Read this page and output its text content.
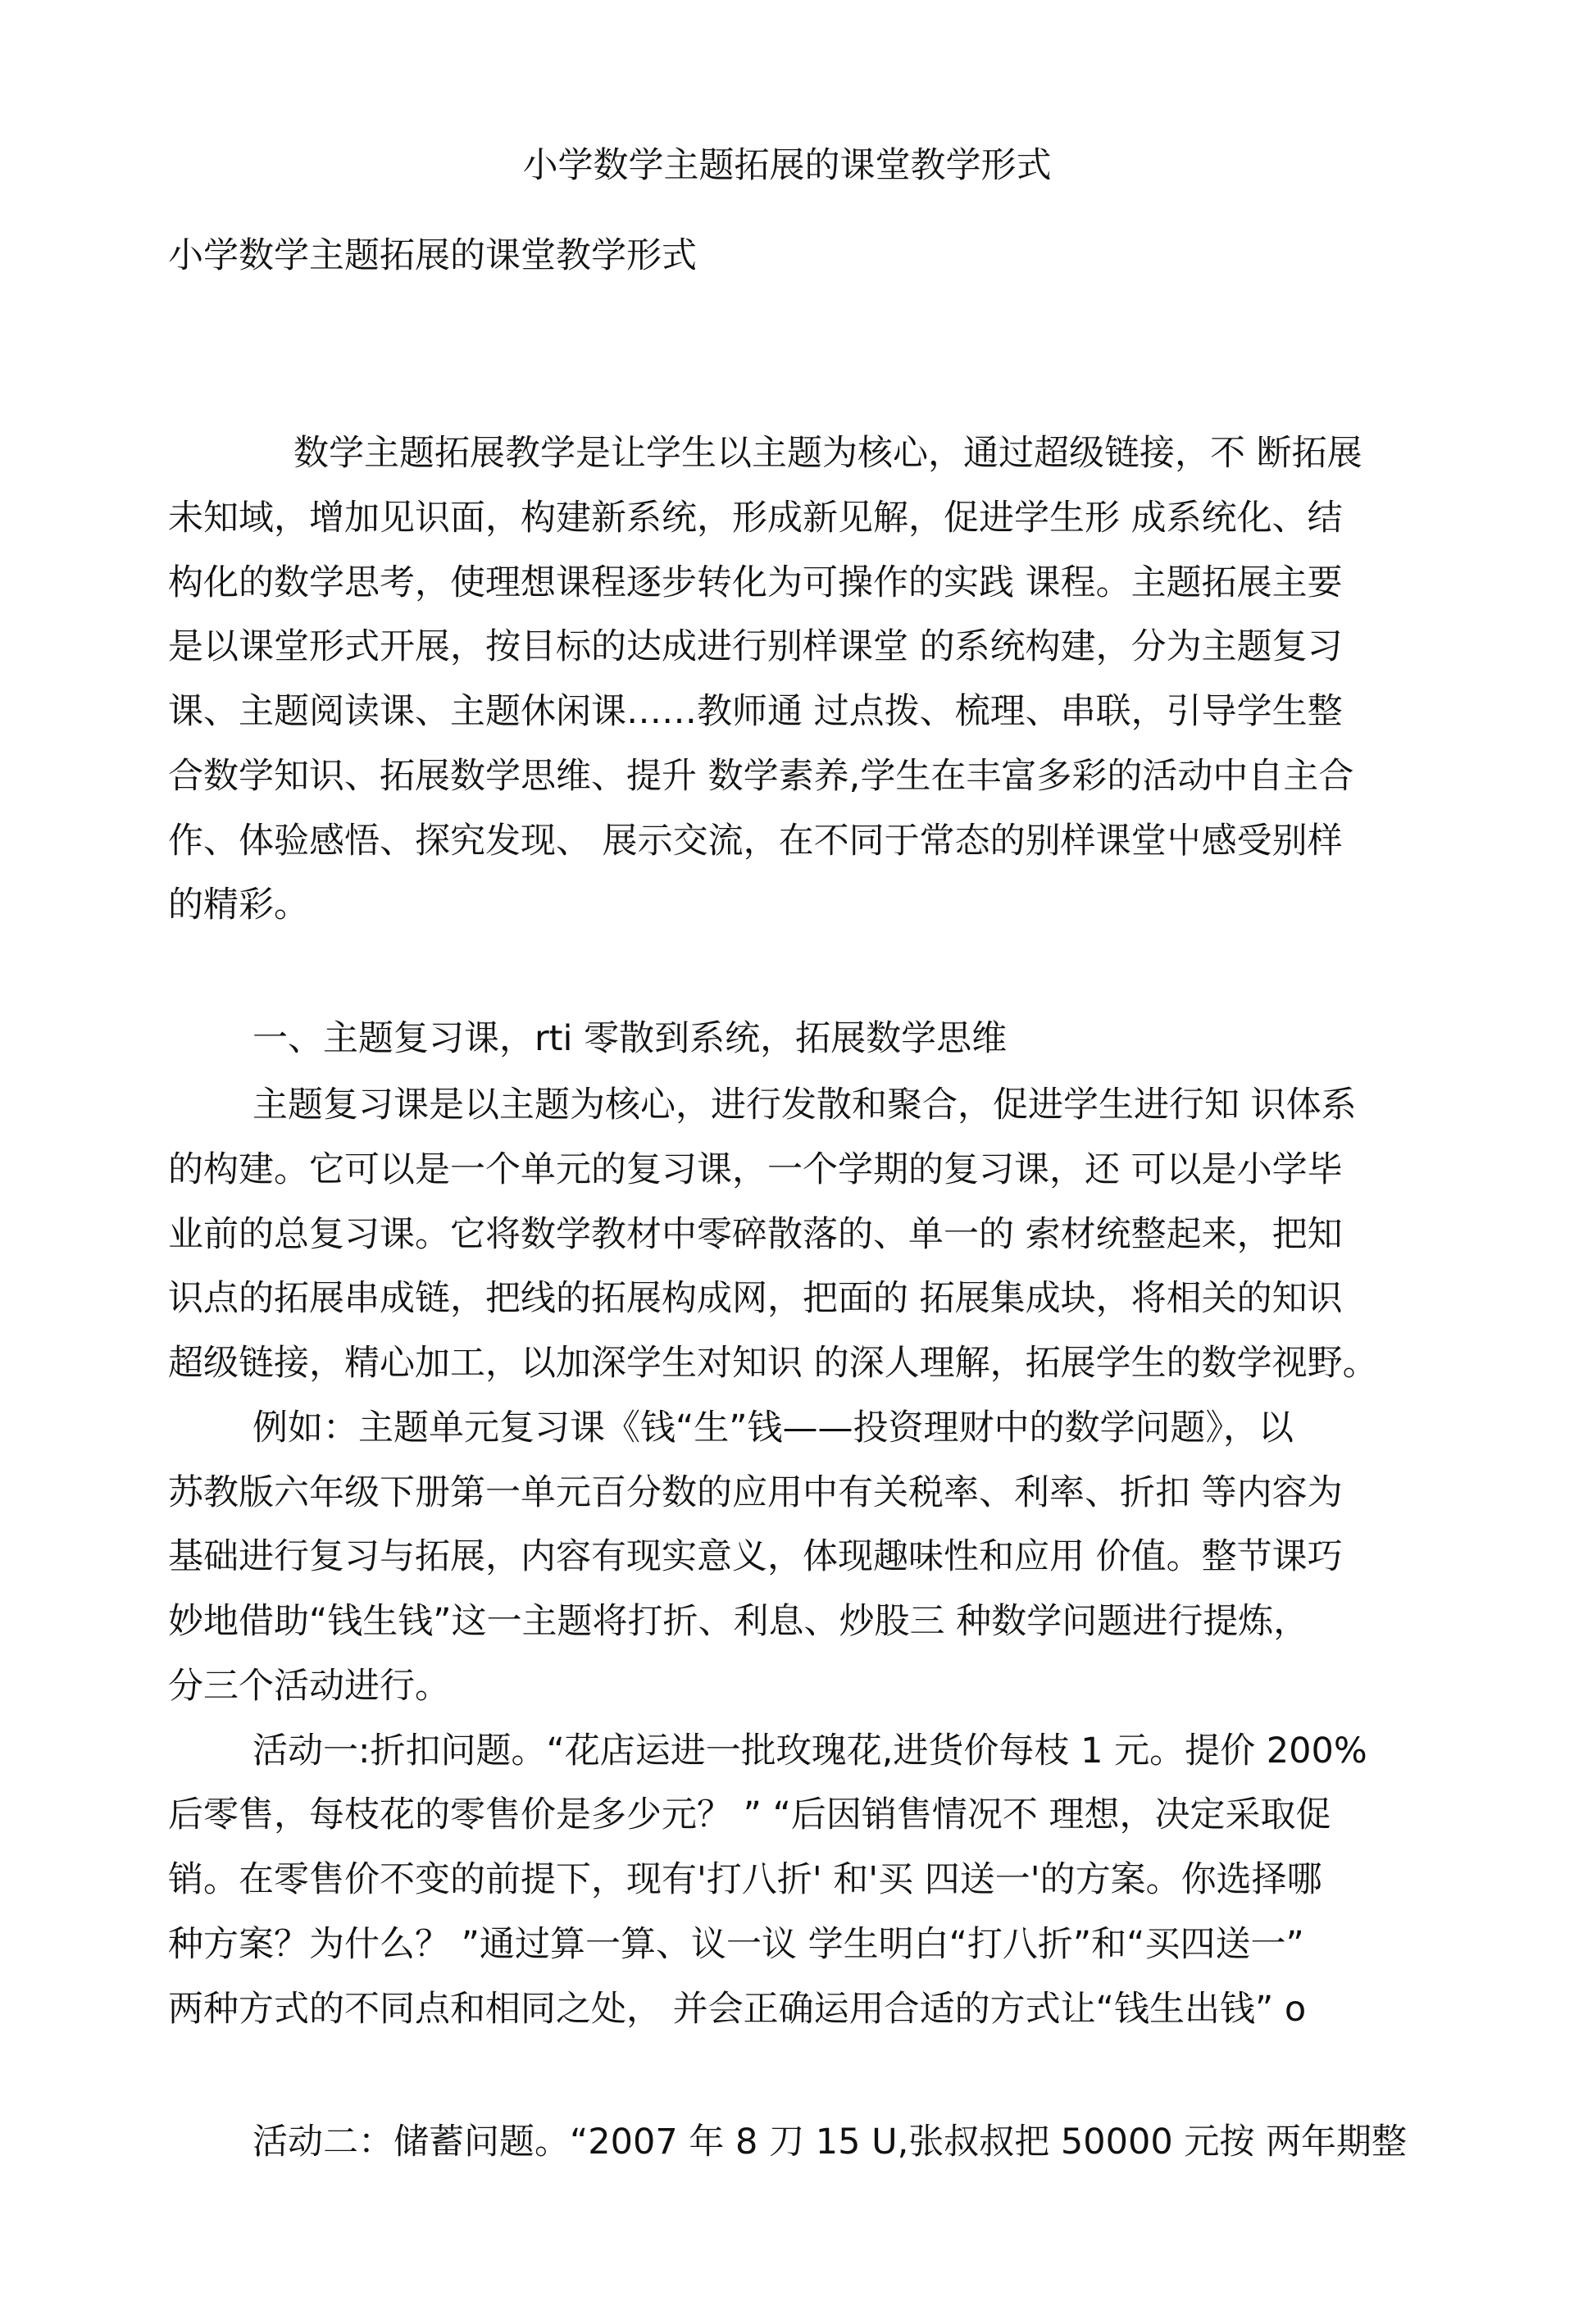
小学数学主题拓展的课堂教学形式
小学数学主题拓展的课堂教学形式
数学主题拓展教学是让学生以主题为核心，通过超级链接，不 断拓展
未知域，增加见识面，构建新系统，形成新见解，促进学生形 成系统化、结
构化的数学思考，使理想课程逐步转化为可操作的实践 课程。主题拓展主要
是以课堂形式开展，按目标的达成进行别样课堂 的系统构建，分为主题复习
课、主题阅读课、主题休闲课……教师通 过点拨、梳理、串联，引导学生整
合数学知识、拓展数学思维、提升 数学素养,学生在丰富多彩的活动中自主合
作、体验感悟、探究发现、 展示交流，在不同于常态的别样课堂屮感受别样
的精彩。
一、主题复习课，rti 零散到系统，拓展数学思维
主题复习课是以主题为核心，进行发散和聚合，促进学生进行知 识体系
的构建。它可以是一个单元的复习课，一个学期的复习课，还 可以是小学毕
业前的总复习课。它将数学教材中零碎散落的、单一的 索材统整起来，把知
识点的拓展串成链，把线的拓展构成网，把面的 拓展集成块，将相关的知识
超级链接，精心加工，以加深学生对知识 的深人理解，拓展学生的数学视野。
例如：主题单元复习课《钱“生”钱——投资理财中的数学问题》，以
苏教版六年级下册第一单元百分数的应用中有关税率、利率、折扣 等内容为
基础进行复习与拓展，内容有现实意义，体现趣味性和应用 价值。整节课巧
妙地借助“钱生钱”这一主题将打折、利息、炒股三 种数学问题进行提炼，
分三个活动进行。
活动一:折扣问题。“花店运进一批玫瑰花,进货价每枝 1 元。提价 200%
后零售，每枝花的零售价是多少元？ ” “后因销售情况不 理想，决定采取促
销。在零售价不变的前提下，现有'打八折' 和'买 四送一'的方案。你选择哪
种方案？为什么？ ”通过算一算、议一议 学生明白“打八折”和“买四送一”
两种方式的不同点和相同之处， 并会正确运用合适的方式让“钱生出钱” o
活动二：储蓄问题。“2007 年 8 刀 15 U,张叔叔把 50000 元按 两年期整
